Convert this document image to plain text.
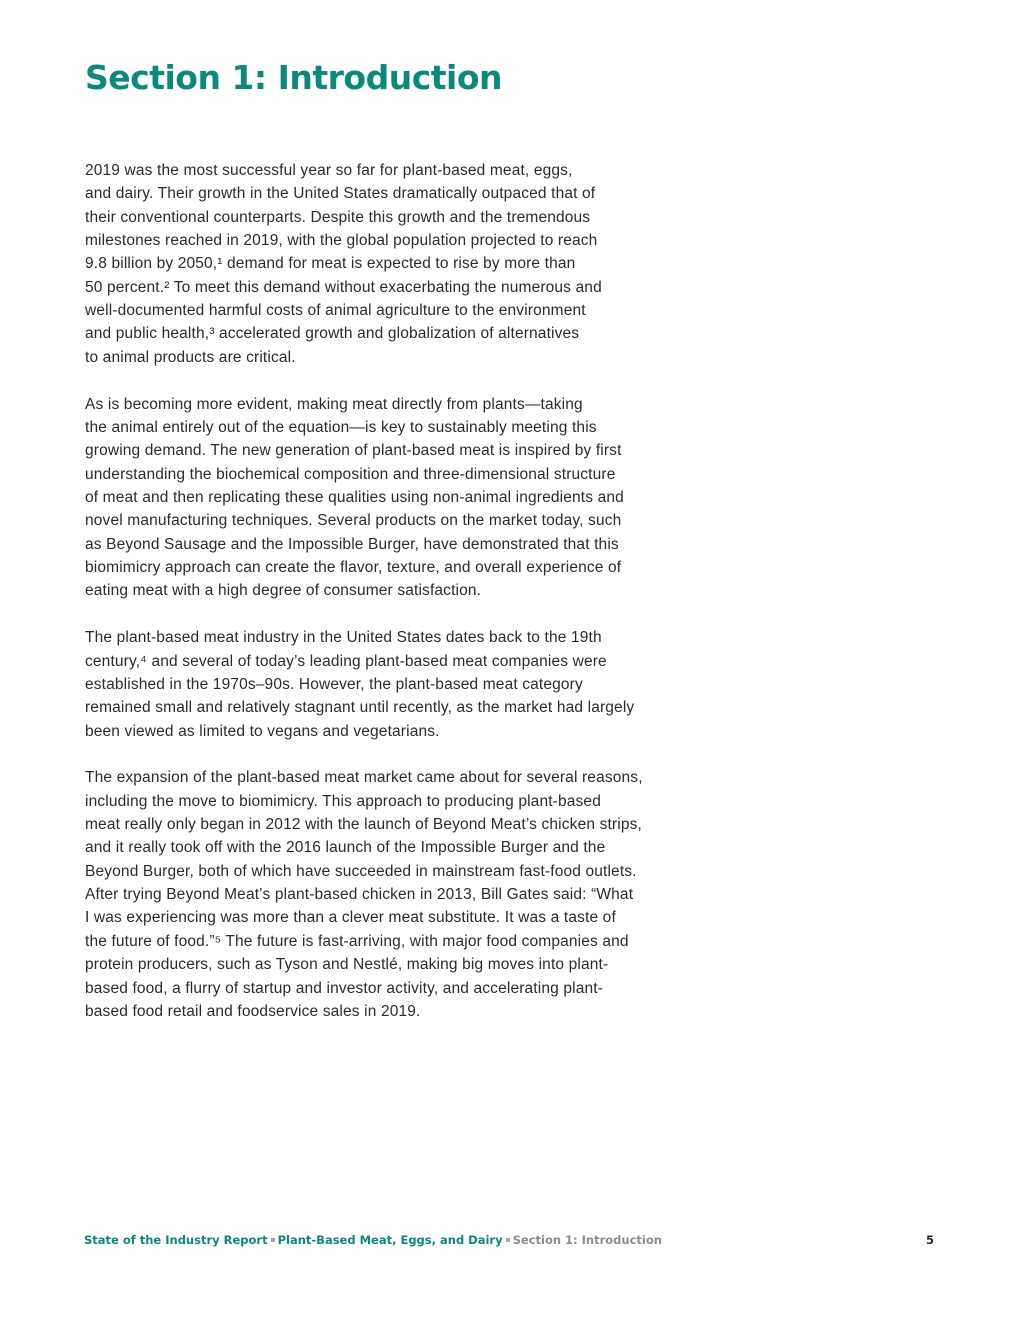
Section 1: Introduction

2019 was the most successful year so far for plant-based meat, eggs,
and dairy. Their growth in the United States dramatically outpaced that of
their conventional counterparts. Despite this growth and the tremendous
milestones reached in 2019, with the global population projected to reach
9.8 billion by 2050,¹ demand for meat is expected to rise by more than
50 percent.² To meet this demand without exacerbating the numerous and
well-documented harmful costs of animal agriculture to the environment
and public health,³ accelerated growth and globalization of alternatives
to animal products are critical.

As is becoming more evident, making meat directly from plants—taking
the animal entirely out of the equation—is key to sustainably meeting this
growing demand. The new generation of plant-based meat is inspired by first
understanding the biochemical composition and three-dimensional structure
of meat and then replicating these qualities using non-animal ingredients and
novel manufacturing techniques. Several products on the market today, such
as Beyond Sausage and the Impossible Burger, have demonstrated that this
biomimicry approach can create the flavor, texture, and overall experience of
eating meat with a high degree of consumer satisfaction.

The plant-based meat industry in the United States dates back to the 19th
century,⁴ and several of today’s leading plant-based meat companies were
established in the 1970s–90s. However, the plant-based meat category
remained small and relatively stagnant until recently, as the market had largely
been viewed as limited to vegans and vegetarians.

The expansion of the plant-based meat market came about for several reasons,
including the move to biomimicry. This approach to producing plant-based
meat really only began in 2012 with the launch of Beyond Meat’s chicken strips,
and it really took off with the 2016 launch of the Impossible Burger and the
Beyond Burger, both of which have succeeded in mainstream fast-food outlets.
After trying Beyond Meat’s plant-based chicken in 2013, Bill Gates said: “What
I was experiencing was more than a clever meat substitute. It was a taste of
the future of food.”⁵ The future is fast-arriving, with major food companies and
protein producers, such as Tyson and Nestlé, making big moves into plant-
based food, a flurry of startup and investor activity, and accelerating plant-
based food retail and foodservice sales in 2019.

State of the Industry Report Plant-Based Meat, Eggs, and Dairy Section 1: Introduction	5
